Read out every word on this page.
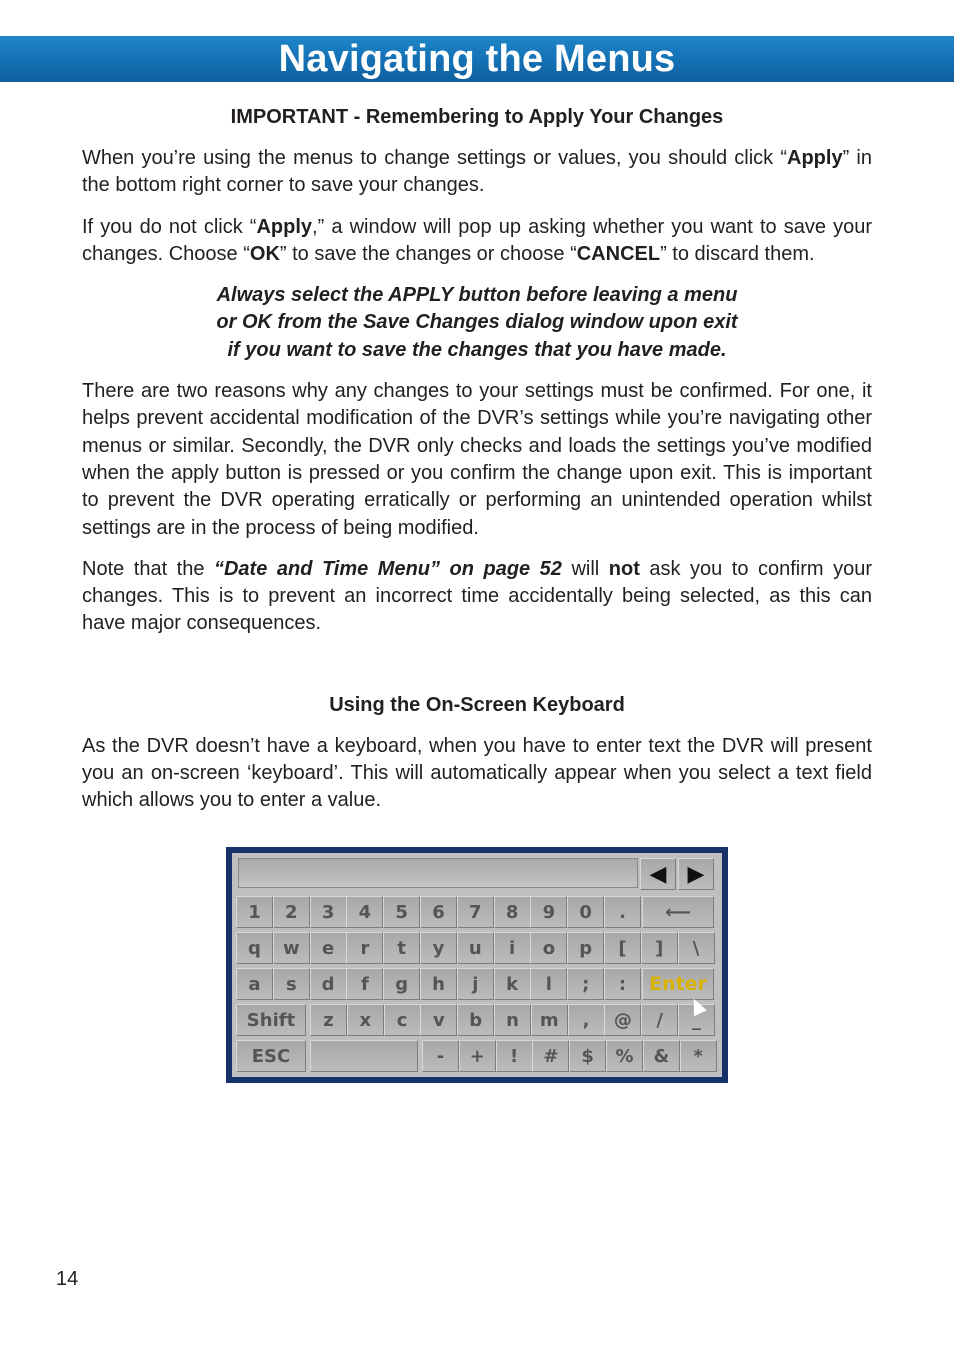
Navigating the Menus
IMPORTANT - Remembering to Apply Your Changes

When you’re using the menus to change settings or values, you should click “Apply” in the bottom right corner to save your changes.

If you do not click “Apply,” a window will pop up asking whether you want to save your changes. Choose “OK” to save the changes or choose “CANCEL” to discard them.

Always select the APPLY button before leaving a menu
or OK from the Save Changes dialog window upon exit
if you want to save the changes that you have made.

There are two reasons why any changes to your settings must be confirmed. For one, it helps prevent accidental modification of the DVR’s settings while you’re navigating other menus or similar. Secondly, the DVR only checks and loads the settings you’ve modified when the apply button is pressed or you confirm the change upon exit. This is important to prevent the DVR operating erratically or performing an unintended operation whilst settings are in the process of being modified.

Note that the “Date and Time Menu” on page 52 will not ask you to confirm your changes. This is to prevent an incorrect time accidentally being selected, as this can have major consequences.

Using the On-Screen Keyboard

As the DVR doesn’t have a keyboard, when you have to enter text the DVR will present you an on-screen ‘keyboard’. This will automatically appear when you select a text field which allows you to enter a value.

◀ ▶
1	2	3	4	5	6	7	8	9	0	.	⟵
q	w	e	r	t	y	u	i	o	p	[	]	\
a	s	d	f	g	h	j	k	l	;	:	Enter
Shift	z	x	c	v	b	n	m	,	@	/	_
ESC	-	+	!	#	$	%	&	*
14
